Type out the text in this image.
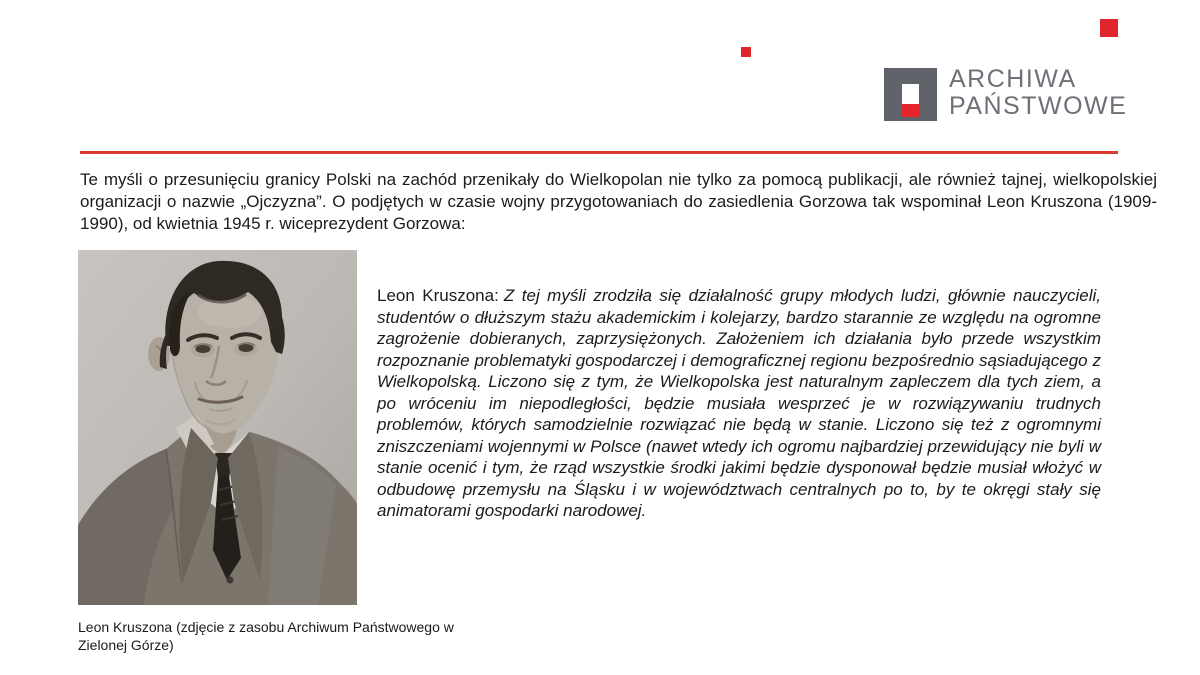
ARCHIWA
PAŃSTWOWE

Te myśli o przesunięciu granicy Polski na zachód przenikały do Wielkopolan nie tylko za pomocą publikacji, ale również tajnej, wielkopolskiej organizacji o nazwie „Ojczyzna”. O podjętych w czasie wojny przygotowaniach do zasiedlenia Gorzowa tak wspominał Leon Kruszona (1909-1990), od kwietnia 1945 r. wiceprezydent Gorzowa:

Leon Kruszona (zdjęcie z zasobu Archiwum Państwowego w Zielonej Górze)

Leon Kruszona: Z tej myśli zrodziła się działalność grupy młodych ludzi, głównie nauczycieli, studentów o dłuższym stażu akademickim i kolejarzy, bardzo starannie ze względu na ogromne zagrożenie dobieranych, zaprzysiężonych. Założeniem ich działania było przede wszystkim rozpoznanie problematyki gospodarczej i demograficznej regionu bezpośrednio sąsiadującego z Wielkopolską. Liczono się z tym, że Wielkopolska jest naturalnym zapleczem dla tych ziem, a po wróceniu im niepodległości, będzie musiała wesprzeć je w rozwiązywaniu trudnych problemów, których samodzielnie rozwiązać nie będą w stanie. Liczono się też z ogromnymi zniszczeniami wojennymi w Polsce (nawet wtedy ich ogromu najbardziej przewidujący nie byli w stanie ocenić i tym, że rząd wszystkie środki jakimi będzie dysponował będzie musiał włożyć w odbudowę przemysłu na Śląsku i w województwach centralnych po to, by te okręgi stały się animatorami gospodarki narodowej.
